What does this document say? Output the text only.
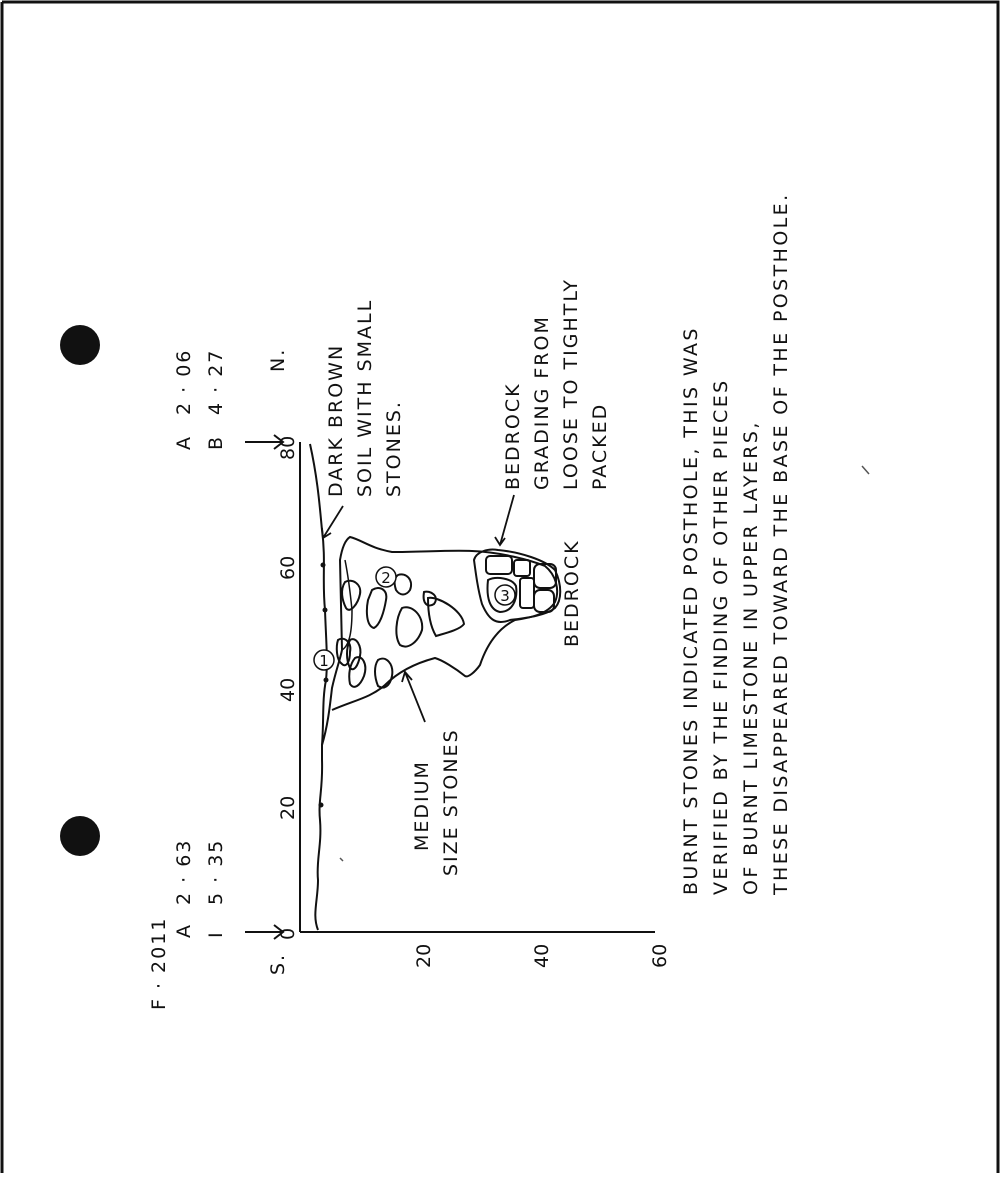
F · 2011 A
2 · 63
I
5 · 35
A
2 · 06
B
4 · 27
S.
N.
0
20
40
60
80
20	40	60
1
2
3
DARK BROWN SOIL WITH SMALL STONES.	BEDROCK GRADING FROM LOOSE TO TIGHTLY PACKED
BEDROCK
MEDIUM SIZE STONES	BURNT STONES INDICATED POSTHOLE, THIS WAS VERIFIED BY THE FINDING OF OTHER PIECES OF BURNT LIMESTONE IN UPPER LAYERS, THESE DISAPPEARED TOWARD THE BASE OF THE POSTHOLE.
